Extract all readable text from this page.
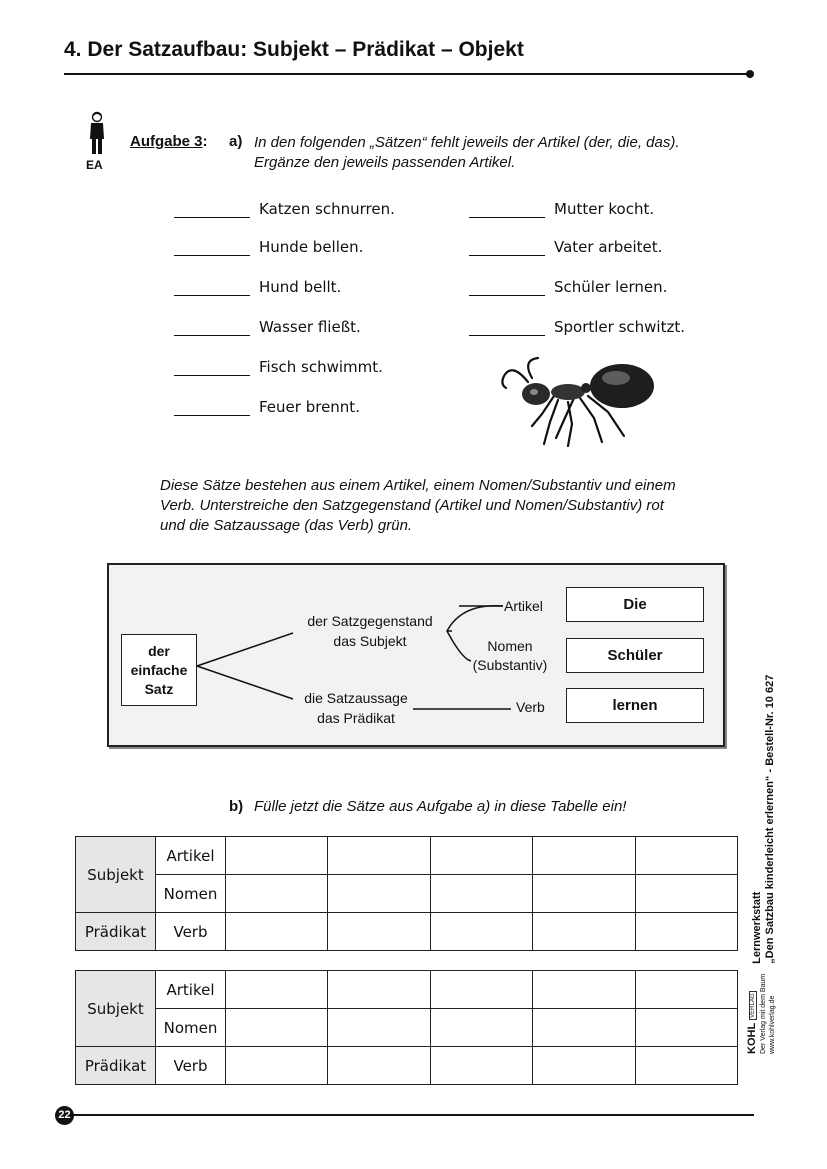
4. Der Satzaufbau: Subjekt – Prädikat – Objekt
EA
Aufgabe 3: a) In den folgenden „Sätzen“ fehlt jeweils der Artikel (der, die, das).
Ergänze den jeweils passenden Artikel.
Katzen schnurren.
Hunde bellen.
Hund bellt.
Wasser fließt.
Fisch schwimmt.
Feuer brennt.
Mutter kocht.
Vater arbeitet.
Schüler lernen.
Sportler schwitzt.
Diese Sätze bestehen aus einem Artikel, einem Nomen/Substantiv und einem
Verb. Unterstreiche den Satzgegenstand (Artikel und Nomen/Substantiv) rot
und die Satzaussage (das Verb) grün.
der
einfache
Satz
der Satzgegenstand
das Subjekt
die Satzaussage
das Prädikat
Artikel
Nomen
(Substantiv)
Verb
Die
Schüler
lernen
b) Fülle jetzt die Sätze aus Aufgabe a) in diese Tabelle ein!
Subjekt	Artikel					
	Nomen					
Prädikat	Verb					
Subjekt	Artikel					
	Nomen					
Prädikat	Verb					
KOHL
VERLAG Der Verlag mit dem Baum www.kohlverlag.de
Lernwerkstatt „Den Satzbau kinderleicht erlernen“ - Bestell-Nr. 10 627
22
